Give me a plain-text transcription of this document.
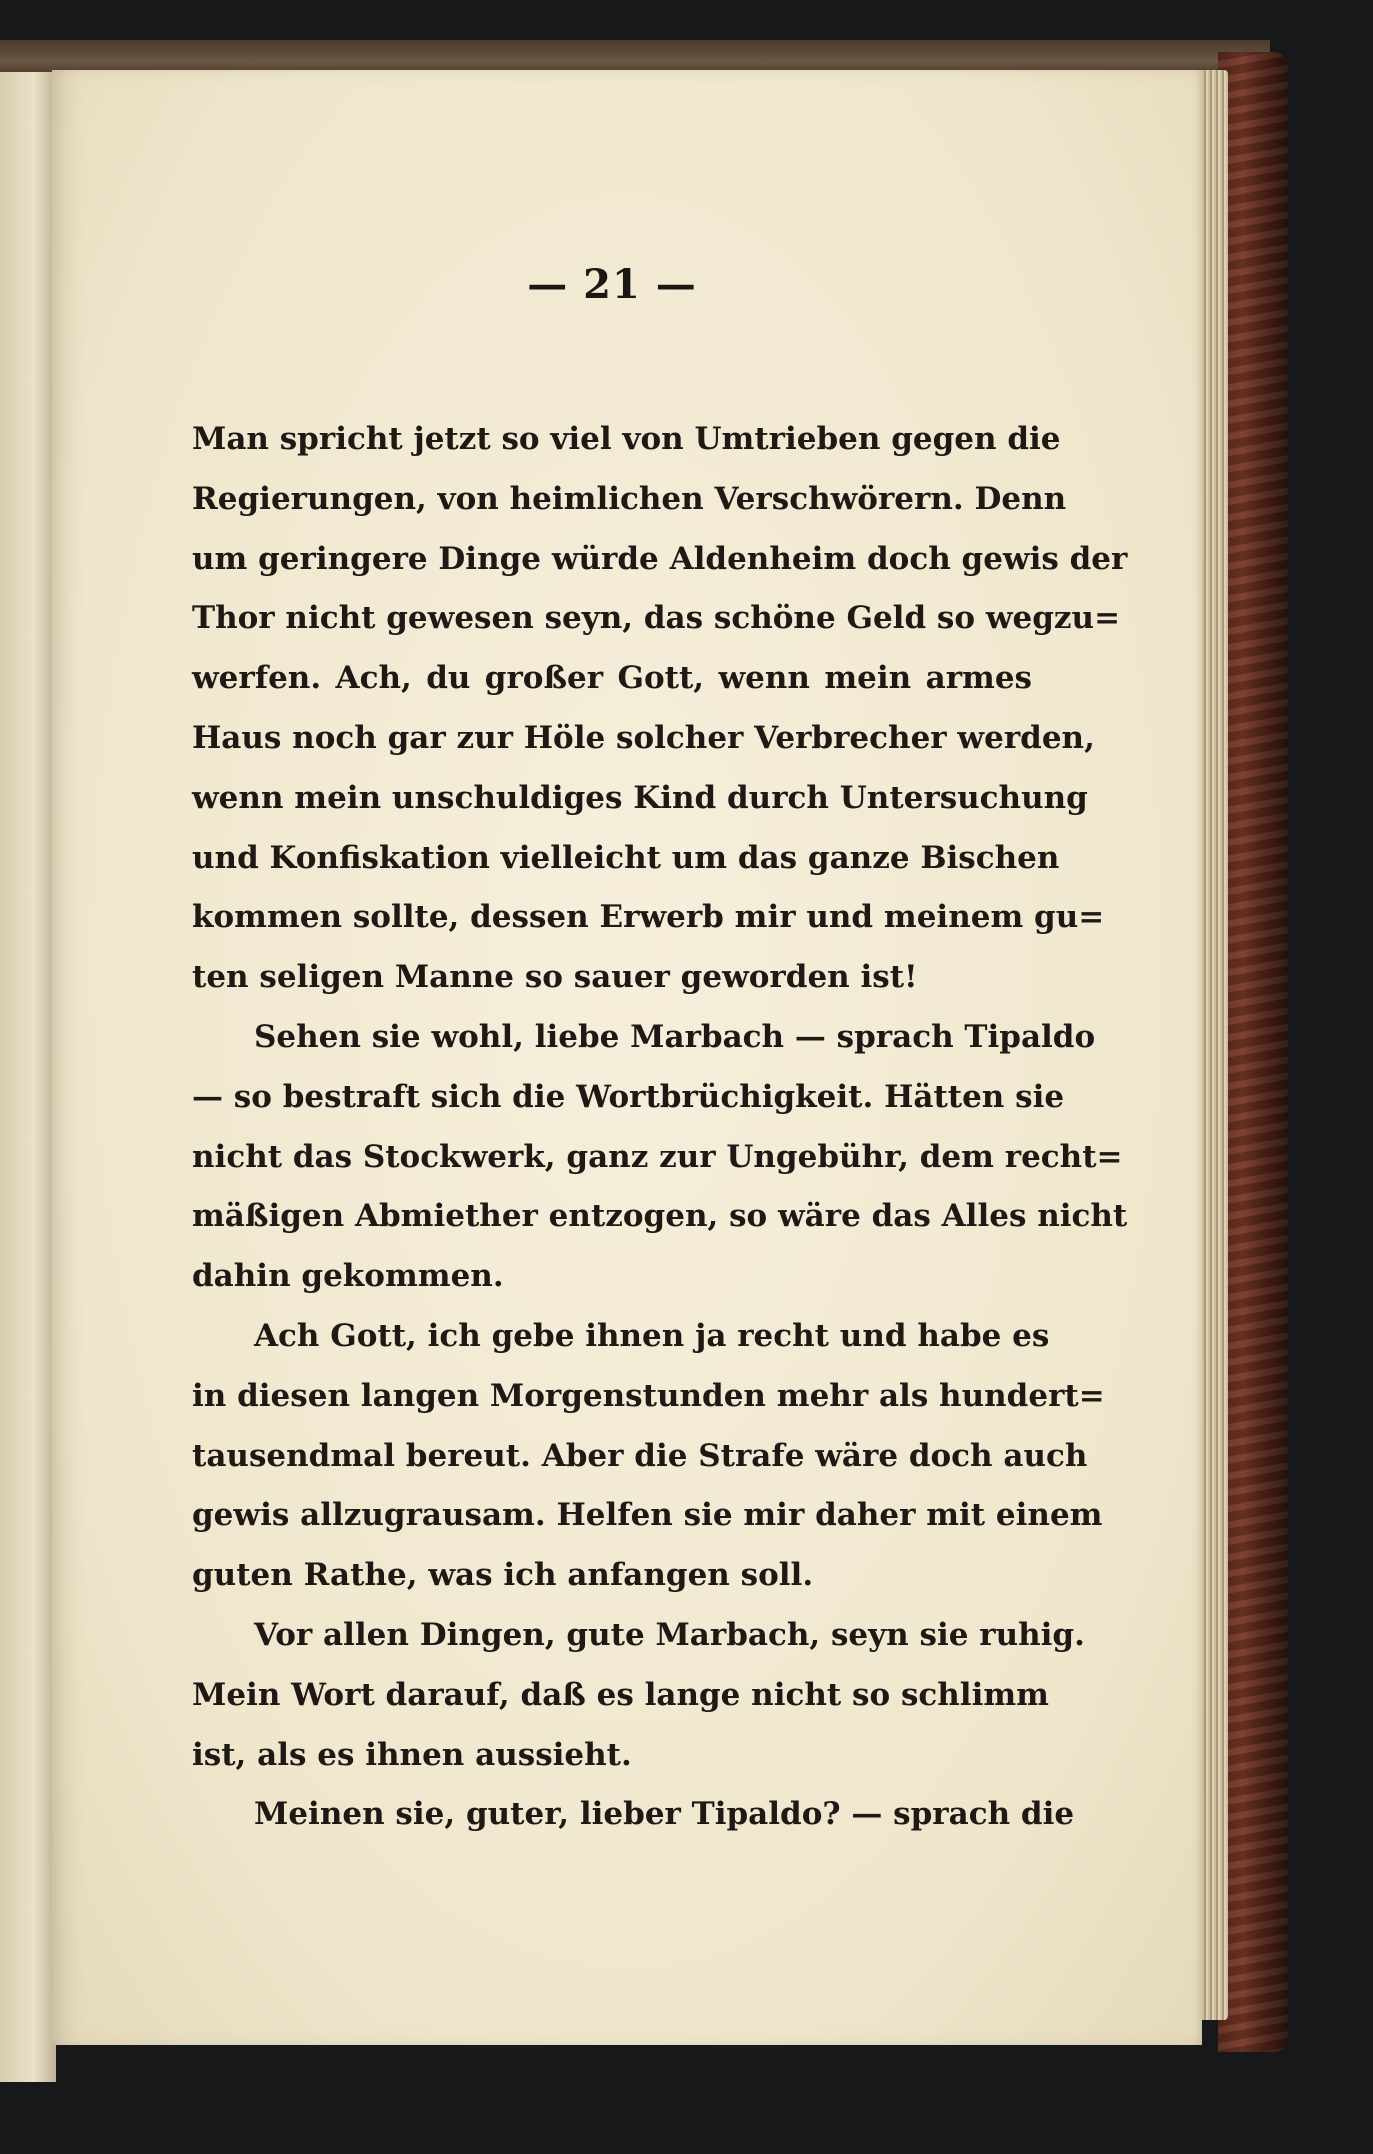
— 21 —
Man spricht jetzt so viel von Umtrieben gegen die
Regierungen, von heimlichen Verschwörern. Denn
um geringere Dinge würde Aldenheim doch gewis der
Thor nicht gewesen seyn, das schöne Geld so wegzu=
werfen. Ach, du großer Gott, wenn mein armes
Haus noch gar zur Höle solcher Verbrecher werden,
wenn mein unschuldiges Kind durch Untersuchung
und Konfiskation vielleicht um das ganze Bischen
kommen sollte, dessen Erwerb mir und meinem gu=
ten seligen Manne so sauer geworden ist!
Sehen sie wohl, liebe Marbach — sprach Tipaldo
— so bestraft sich die Wortbrüchigkeit. Hätten sie
nicht das Stockwerk, ganz zur Ungebühr, dem recht=
mäßigen Abmiether entzogen, so wäre das Alles nicht
dahin gekommen.
Ach Gott, ich gebe ihnen ja recht und habe es
in diesen langen Morgenstunden mehr als hundert=
tausendmal bereut. Aber die Strafe wäre doch auch
gewis allzugrausam. Helfen sie mir daher mit einem
guten Rathe, was ich anfangen soll.
Vor allen Dingen, gute Marbach, seyn sie ruhig.
Mein Wort darauf, daß es lange nicht so schlimm
ist, als es ihnen aussieht.
Meinen sie, guter, lieber Tipaldo? — sprach die
